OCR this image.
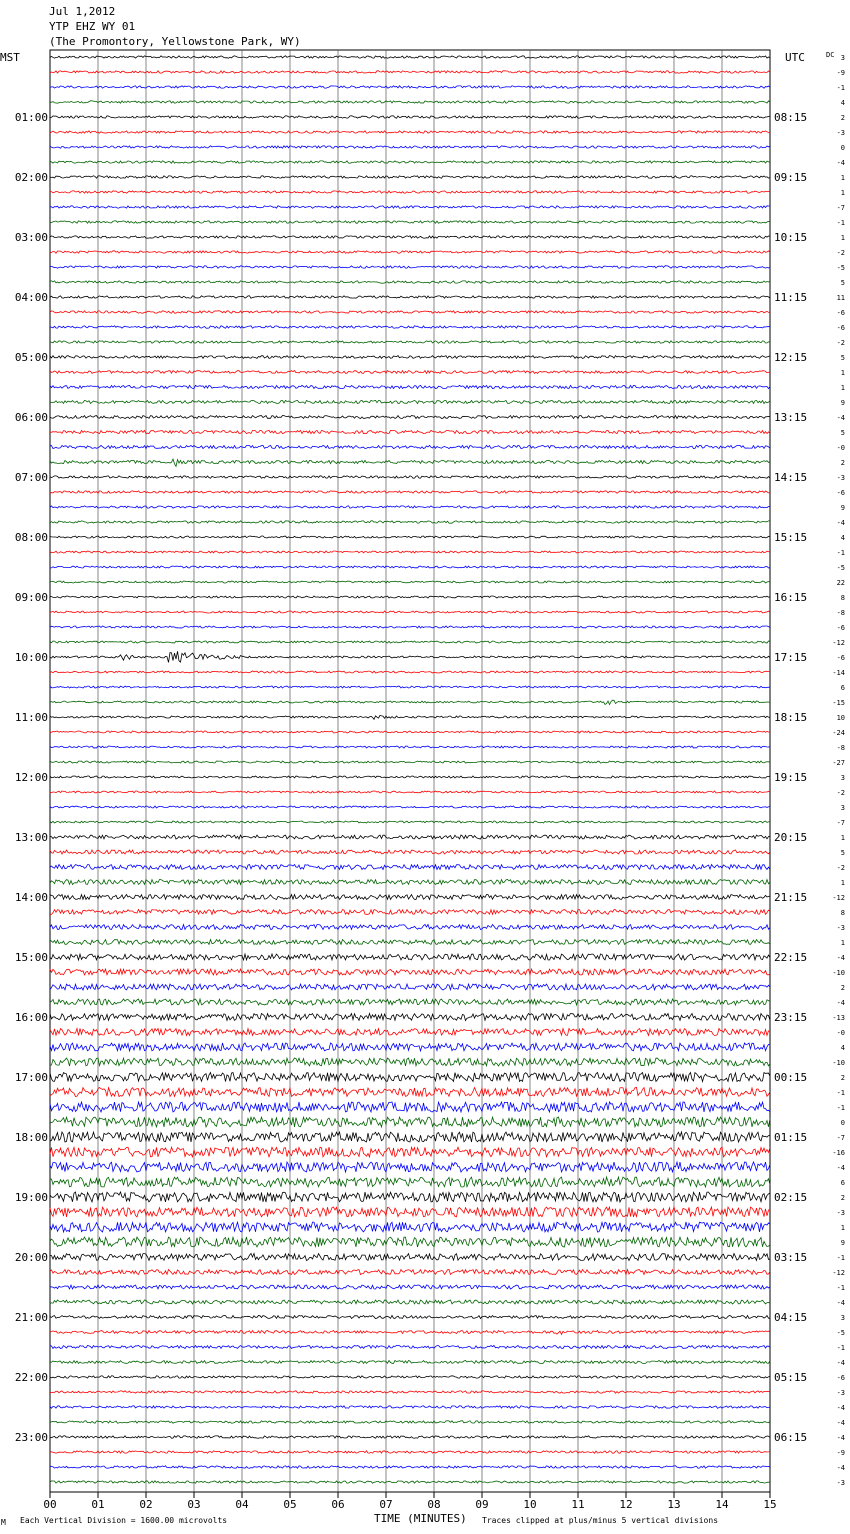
Jul 1,2012
YTP EHZ WY 01
(The Promontory, Yellowstone Park, WY)
MST	UTC	DC
TIME (MINUTES)
00	01	02	03	04	05	06	07	08	09	10	11	12	13	14	15
01:00
02:00
03:00
04:00
05:00
06:00
07:00
08:00
09:00
10:00
11:00
12:00
13:00
14:00
15:00
16:00
17:00
18:00
19:00
20:00
21:00
22:00
23:00
08:15
09:15
10:15
11:15
12:15
13:15
14:15
15:15
16:15
17:15
18:15
19:15
20:15
21:15
22:15
23:15
00:15
01:15
02:15
03:15
04:15
05:15
06:15
3
-9
-1
4
2
-3
0
-4
1
1
-7
-1
1
-2
-5
5
11
-6
-6
-2
5
1
1
9
-4
5
-0
2
-3
-6
9
-4
4
-1
-5
22
8
-8
-6
-12
-6
-14
6
-15
10
-24
-8
-27
3
-2
3
-7
1
5
-2
1
-12
8
-3
1
-4
-10
2
-4
-13
-0
4
-10
2
-1
-1
0
-7
-16
-4
6
2
-3
1
9
-1
-12
-1
-4
3
-5
-1
-4
-6
-3
-4
-4
-4
-9
-4
-3
M Each Vertical Division = 1600.00 microvolts	Traces clipped at plus/minus 5 vertical divisions
